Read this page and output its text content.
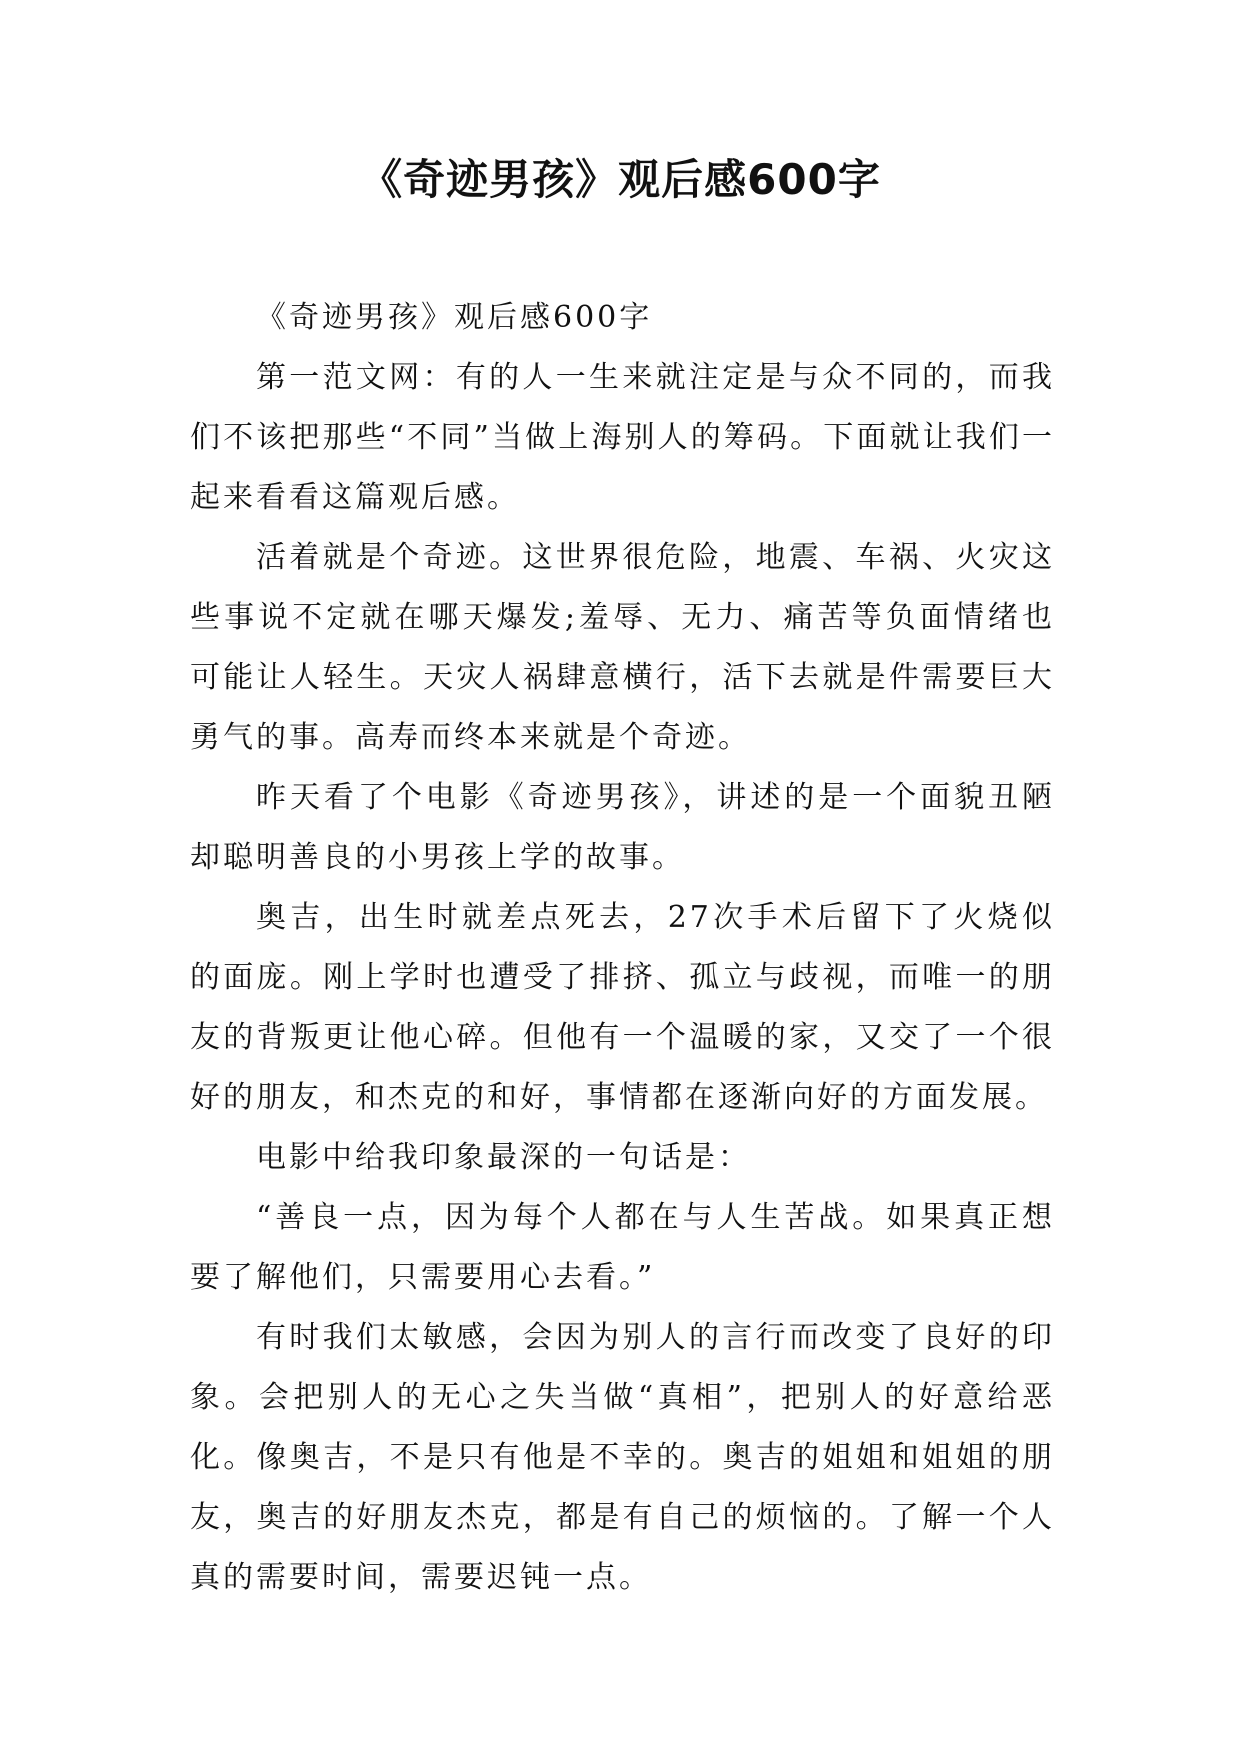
《奇迹男孩》观后感600字

《奇迹男孩》观后感600字

第一范文网：有的人一生来就注定是与众不同的，而我们不该把那些“不同”当做上海别人的筹码。下面就让我们一起来看看这篇观后感。

活着就是个奇迹。这世界很危险，地震、车祸、火灾这些事说不定就在哪天爆发;羞辱、无力、痛苦等负面情绪也可能让人轻生。天灾人祸肆意横行，活下去就是件需要巨大勇气的事。高寿而终本来就是个奇迹。

昨天看了个电影《奇迹男孩》，讲述的是一个面貌丑陋却聪明善良的小男孩上学的故事。

奥吉，出生时就差点死去，27次手术后留下了火烧似的面庞。刚上学时也遭受了排挤、孤立与歧视，而唯一的朋友的背叛更让他心碎。但他有一个温暖的家，又交了一个很好的朋友，和杰克的和好，事情都在逐渐向好的方面发展。

电影中给我印象最深的一句话是：

“善良一点，因为每个人都在与人生苦战。如果真正想要了解他们，只需要用心去看。”

有时我们太敏感，会因为别人的言行而改变了良好的印象。会把别人的无心之失当做“真相”，把别人的好意给恶化。像奥吉，不是只有他是不幸的。奥吉的姐姐和姐姐的朋友，奥吉的好朋友杰克，都是有自己的烦恼的。了解一个人真的需要时间，需要迟钝一点。
